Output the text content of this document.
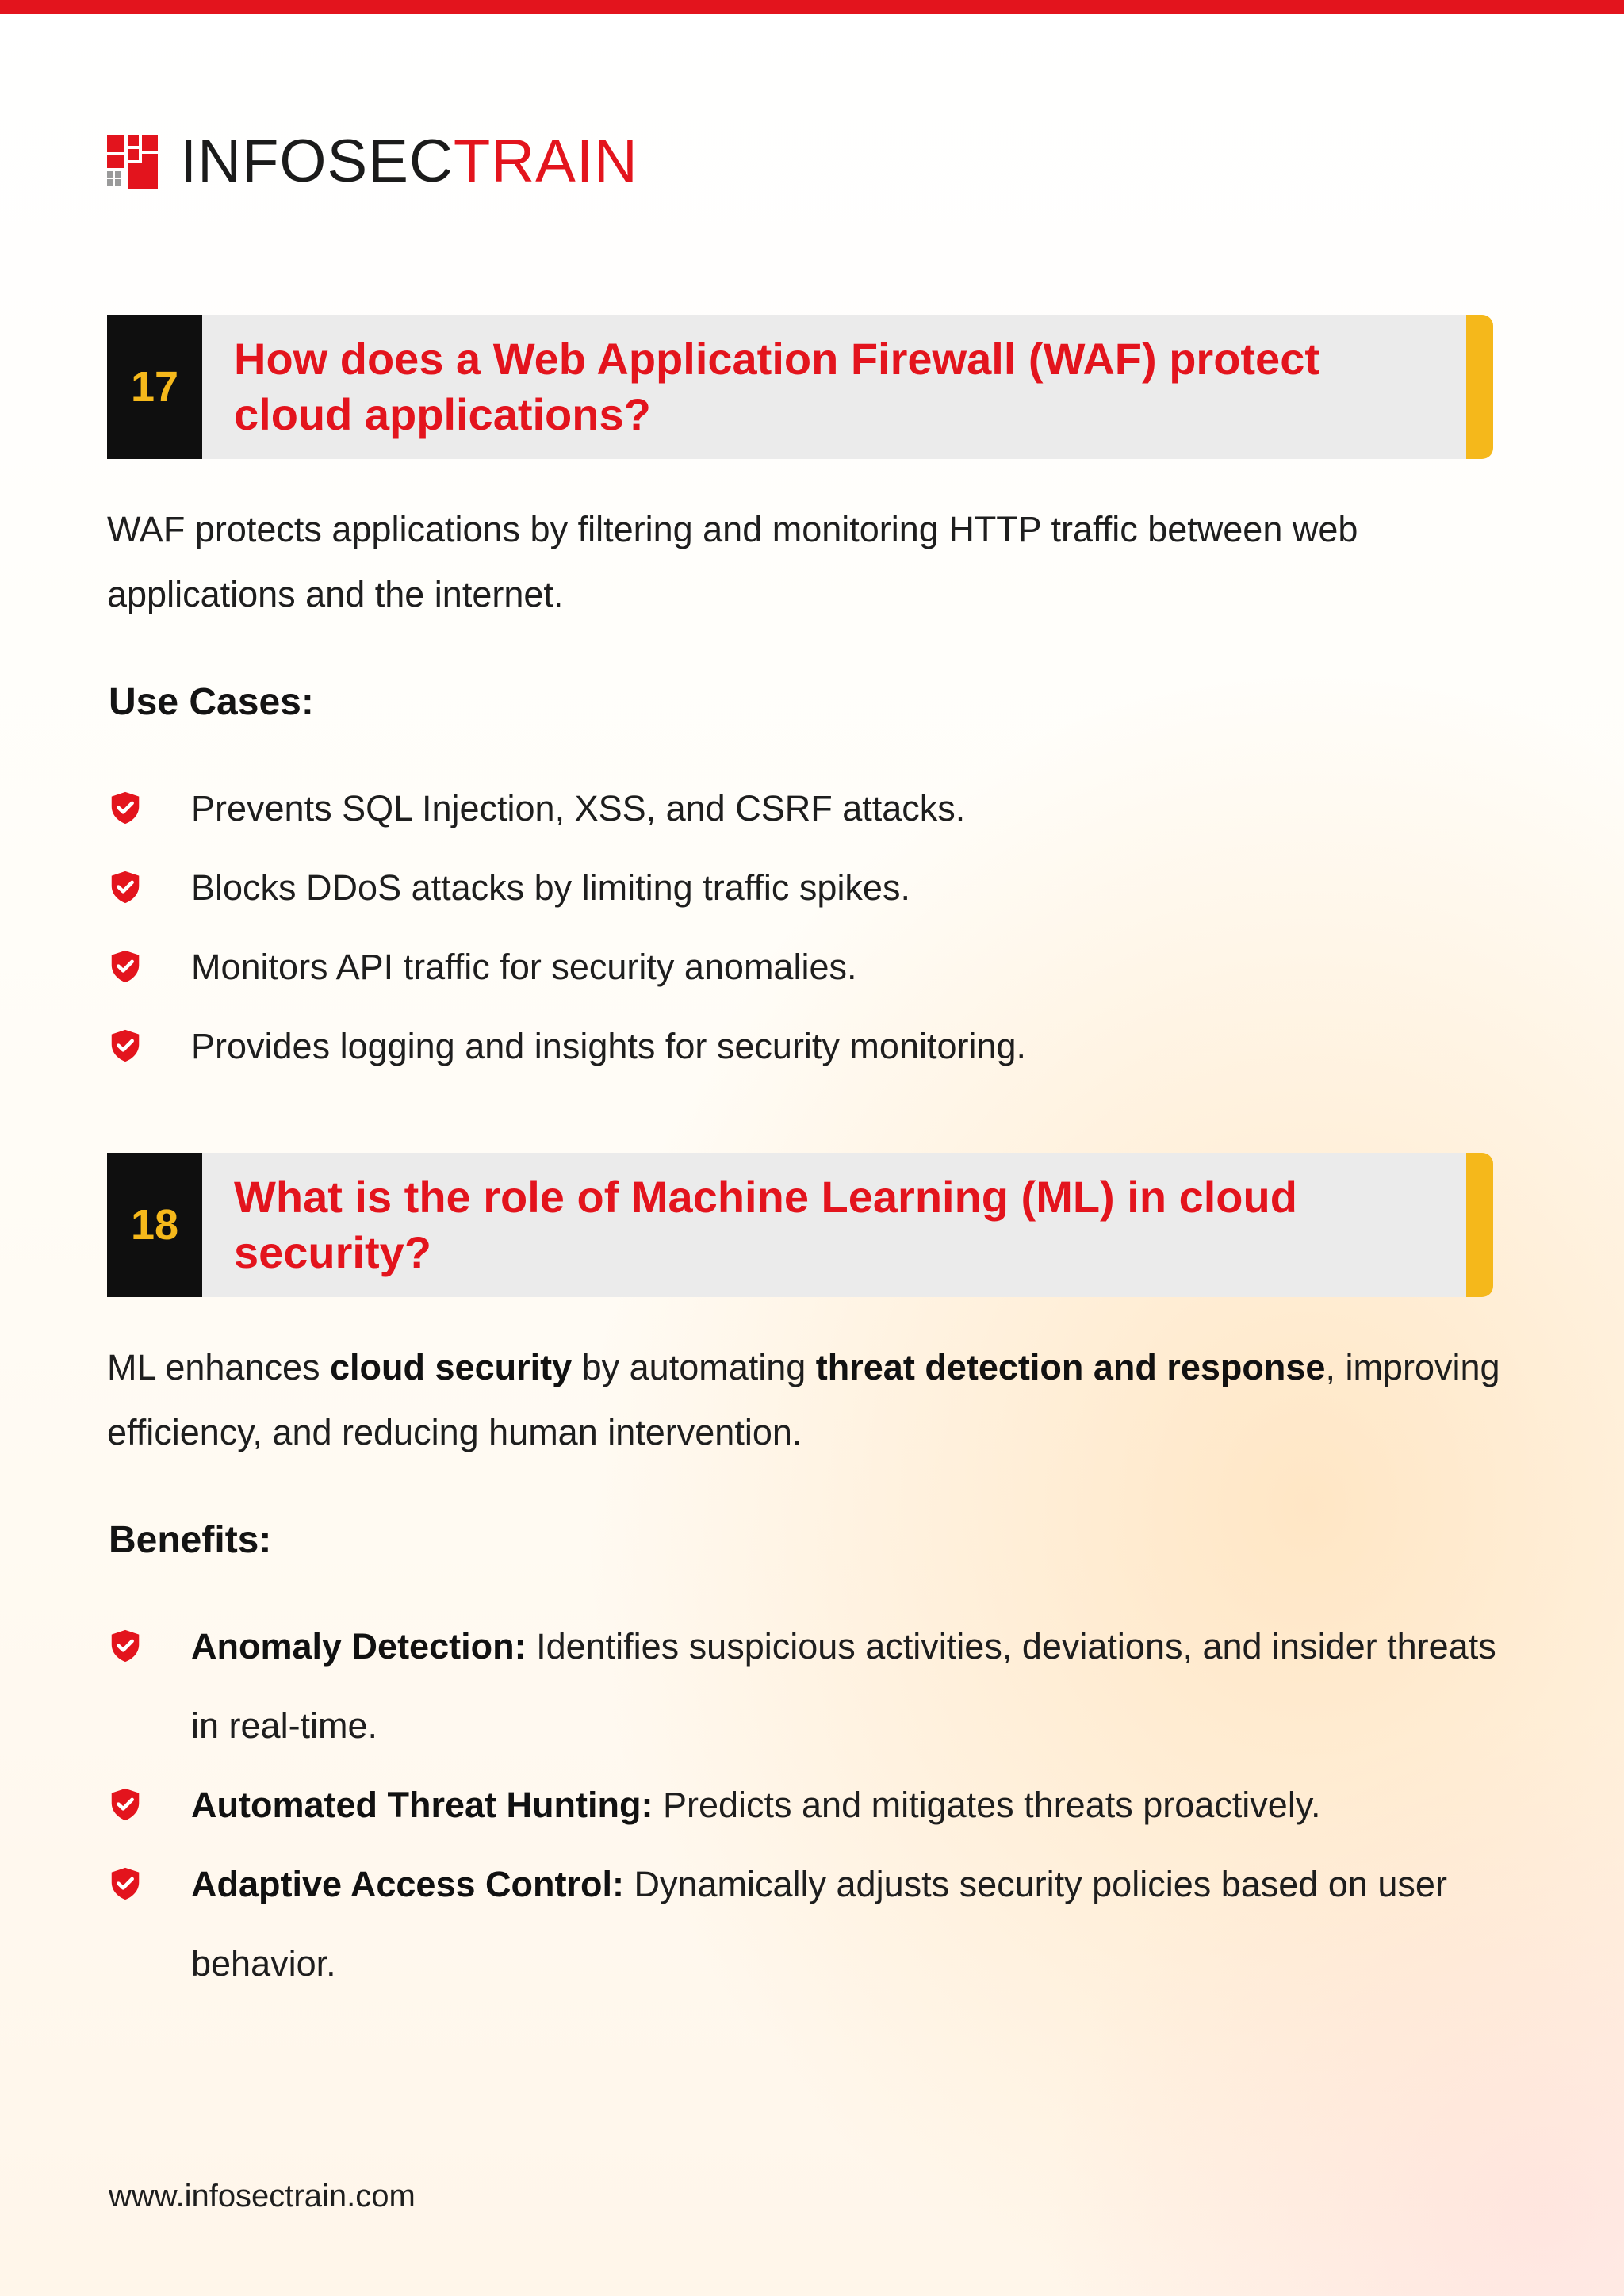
INFOSECTRAIN
17
How does a Web Application Firewall (WAF) protect cloud applications?
WAF protects applications by filtering and monitoring HTTP traffic between web applications and the internet.
Use Cases:
Prevents SQL Injection, XSS, and CSRF attacks.
Blocks DDoS attacks by limiting traffic spikes.
Monitors API traffic for security anomalies.
Provides logging and insights for security monitoring.
18
What is the role of Machine Learning (ML) in cloud security?
ML enhances cloud security by automating threat detection and response, improving efficiency, and reducing human intervention.
Benefits:
Anomaly Detection: Identifies suspicious activities, deviations, and insider threats in real-time.
Automated Threat Hunting: Predicts and mitigates threats proactively.
Adaptive Access Control: Dynamically adjusts security policies based on user behavior.
www.infosectrain.com
